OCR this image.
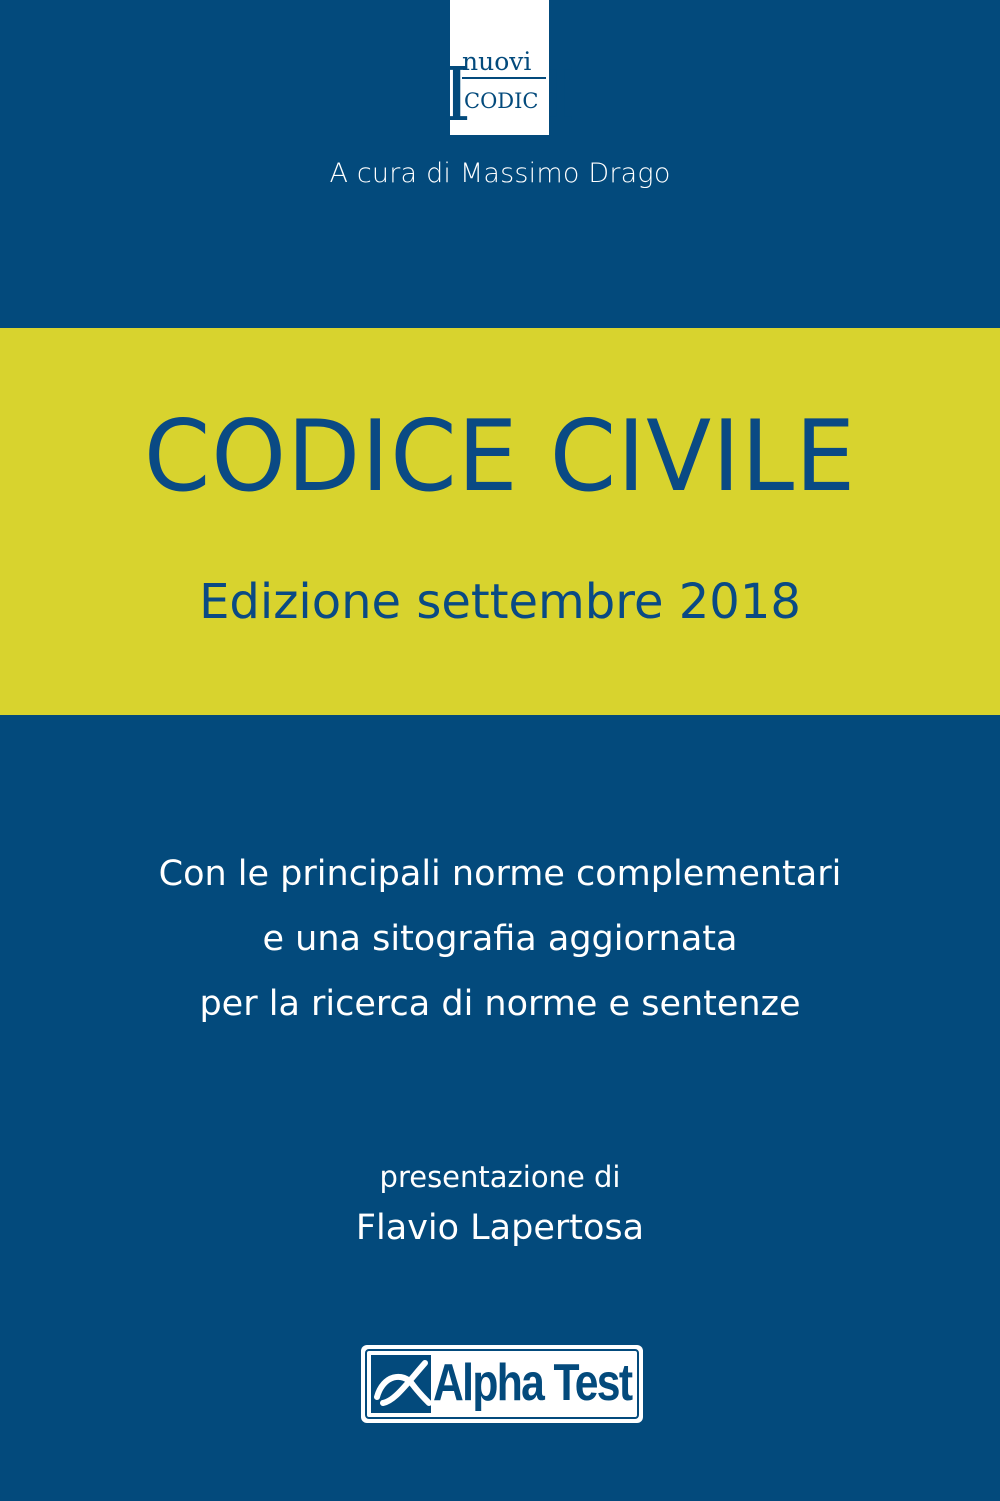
I I
nuovi
CODIC
A cura di Massimo Drago
CODICE CIVILE
Edizione settembre 2018
Con le principali norme complementari
e una sitografia aggiornata
per la ricerca di norme e sentenze
presentazione di
Flavio Lapertosa
Alpha Test
